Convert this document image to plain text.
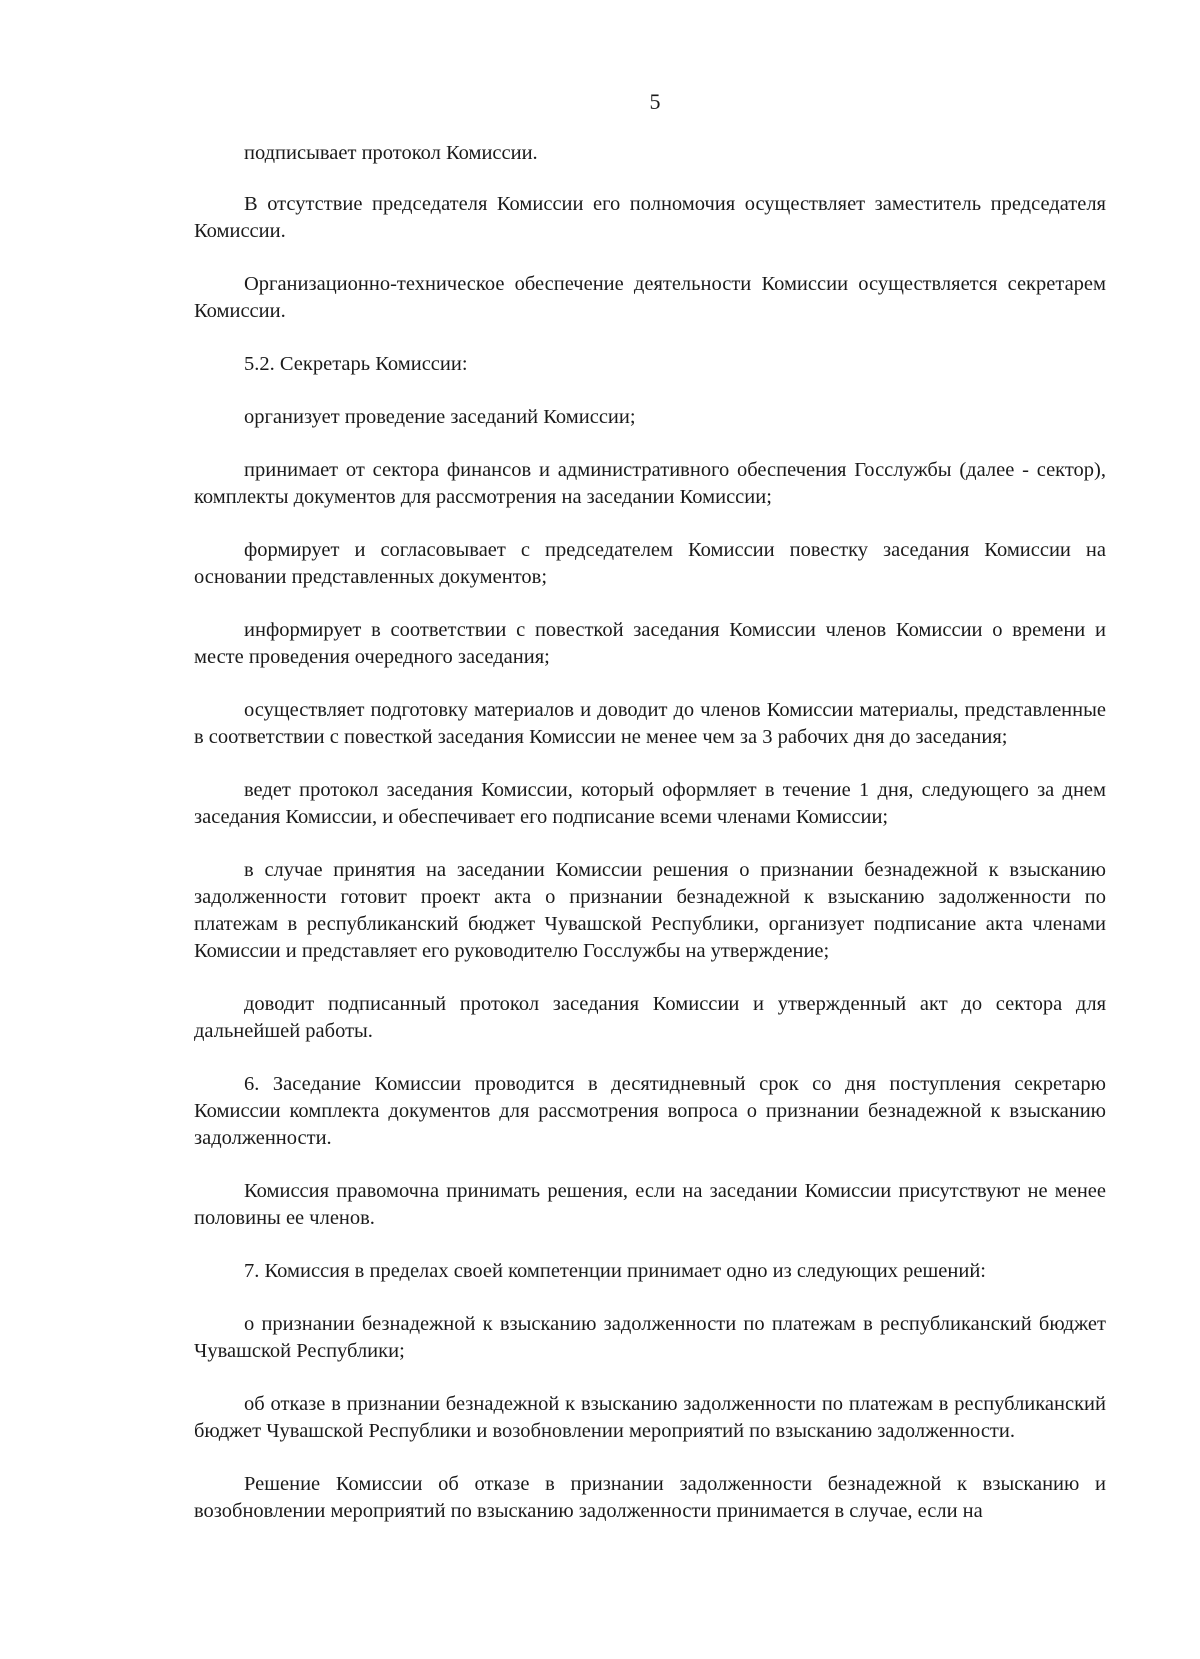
5

подписывает протокол Комиссии.

В отсутствие председателя Комиссии его полномочия осуществляет заместитель председателя Комиссии.

Организационно-техническое обеспечение деятельности Комиссии осуществляется секретарем Комиссии.

5.2. Секретарь Комиссии:

организует проведение заседаний Комиссии;

принимает от сектора финансов и административного обеспечения Госслужбы (далее - сектор), комплекты документов для рассмотрения на заседании Комиссии;

формирует и согласовывает с председателем Комиссии повестку заседания Комиссии на основании представленных документов;

информирует в соответствии с повесткой заседания Комиссии членов Комиссии о времени и месте проведения очередного заседания;

осуществляет подготовку материалов и доводит до членов Комиссии материалы, представленные в соответствии с повесткой заседания Комиссии не менее чем за 3 рабочих дня до заседания;

ведет протокол заседания Комиссии, который оформляет в течение 1 дня, следующего за днем заседания Комиссии, и обеспечивает его подписание всеми членами Комиссии;

в случае принятия на заседании Комиссии решения о признании безнадежной к взысканию задолженности готовит проект акта о признании безнадежной к взысканию задолженности по платежам в республиканский бюджет Чувашской Республики, организует подписание акта членами Комиссии и представляет его руководителю Госслужбы на утверждение;

доводит подписанный протокол заседания Комиссии и утвержденный акт до сектора для дальнейшей работы.

6. Заседание Комиссии проводится в десятидневный срок со дня поступления секретарю Комиссии комплекта документов для рассмотрения вопроса о признании безнадежной к взысканию задолженности.

Комиссия правомочна принимать решения, если на заседании Комиссии присутствуют не менее половины ее членов.

7. Комиссия в пределах своей компетенции принимает одно из следующих решений:

о признании безнадежной к взысканию задолженности по платежам в республиканский бюджет Чувашской Республики;

об отказе в признании безнадежной к взысканию задолженности по платежам в республиканский бюджет Чувашской Республики и возобновлении мероприятий по взысканию задолженности.

Решение Комиссии об отказе в признании задолженности безнадежной к взысканию и возобновлении мероприятий по взысканию задолженности принимается в случае, если на
